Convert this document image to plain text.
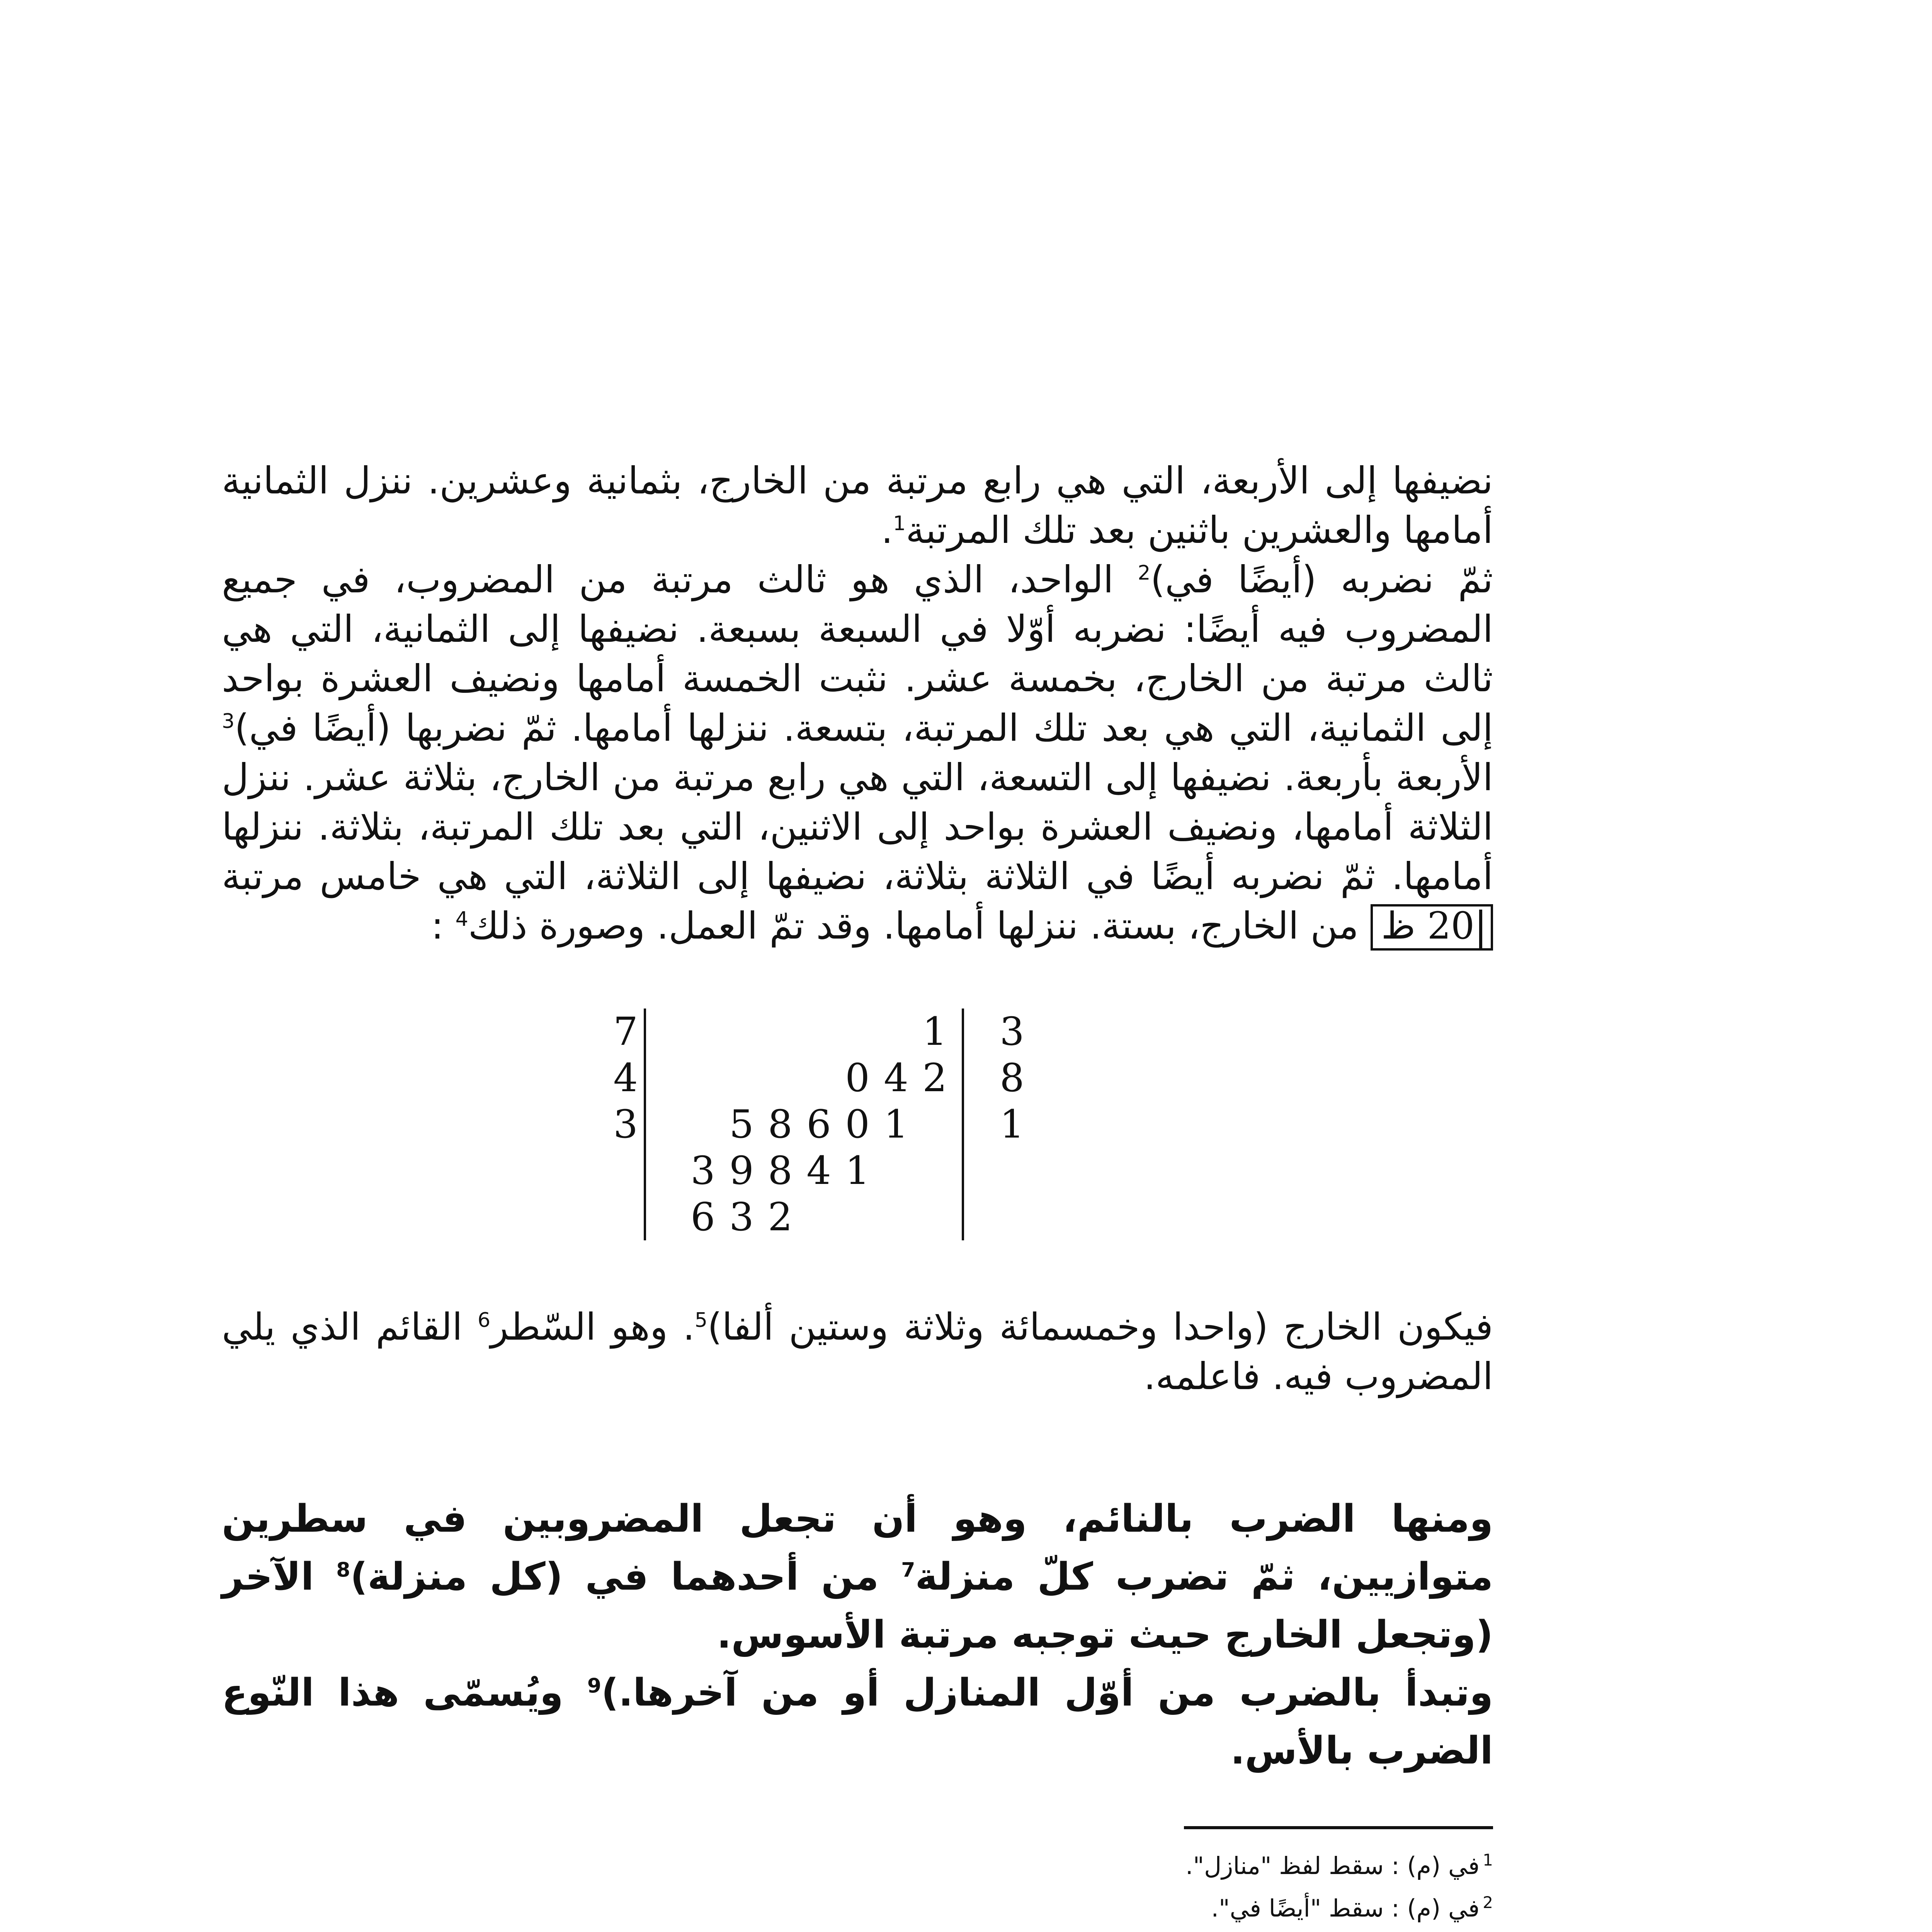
نضيفها إلى الأربعة، التي هي رابع مرتبة من الخارج، بثمانية وعشرين. ننزل الثمانية أمامها والعشرين باثنين بعد تلك المرتبة$^1$.

ثمّ نضربه (أيضًا في)$^2$ الواحد، الذي هو ثالث مرتبة من المضروب، في جميع المضروب فيه أيضًا: نضربه أوّلا في السبعة بسبعة. نضيفها إلى الثمانية، التي هي ثالث مرتبة من الخارج، بخمسة عشر. نثبت الخمسة أمامها ونضيف العشرة بواحد إلى الثمانية، التي هي بعد تلك المرتبة، بتسعة. ننزلها أمامها. ثمّ نضربها (أيضًا في)$^3$ الأربعة بأربعة. نضيفها إلى التسعة، التي هي رابع مرتبة من الخارج، بثلاثة عشر. ننزل الثلاثة أمامها، ونضيف العشرة بواحد إلى الاثنين، التي بعد تلك المرتبة، بثلاثة. ننزلها أمامها. ثمّ نضربه أيضًا في الثلاثة بثلاثة، نضيفها إلى الثلاثة، التي هي خامس مرتبة 20 ظ من الخارج، بستة. ننزلها أمامها. وقد تمّ العمل. وصورة ذلك$^4$ :

7
4
3
1
0 4 2
5 8 6 0 1
3 9 8 4 1
6 3 2
3
8
1

فيكون الخارج (واحدا وخمسمائة وثلاثة وستين ألفا)$^5$. وهو السّطر$^6$ القائم الذي يلي المضروب فيه. فاعلمه.

ومنها الضرب بالنائم، وهو أن تجعل المضروبين في سطرين متوازيين، ثمّ تضرب كلّ منزلة$^7$ من أحدهما في (كل منزلة)$^8$ الآخر (وتجعل الخارج حيث توجبه مرتبة الأسوس.

وتبدأ بالضرب من أوّل المنازل أو من آخرها.)$^9$ ويُسمّى هذا النّوع الضرب بالأس.

$^1$في (م) : سقط لفظ "منازل".

$^2$في (م) : سقط "أيضًا في".
